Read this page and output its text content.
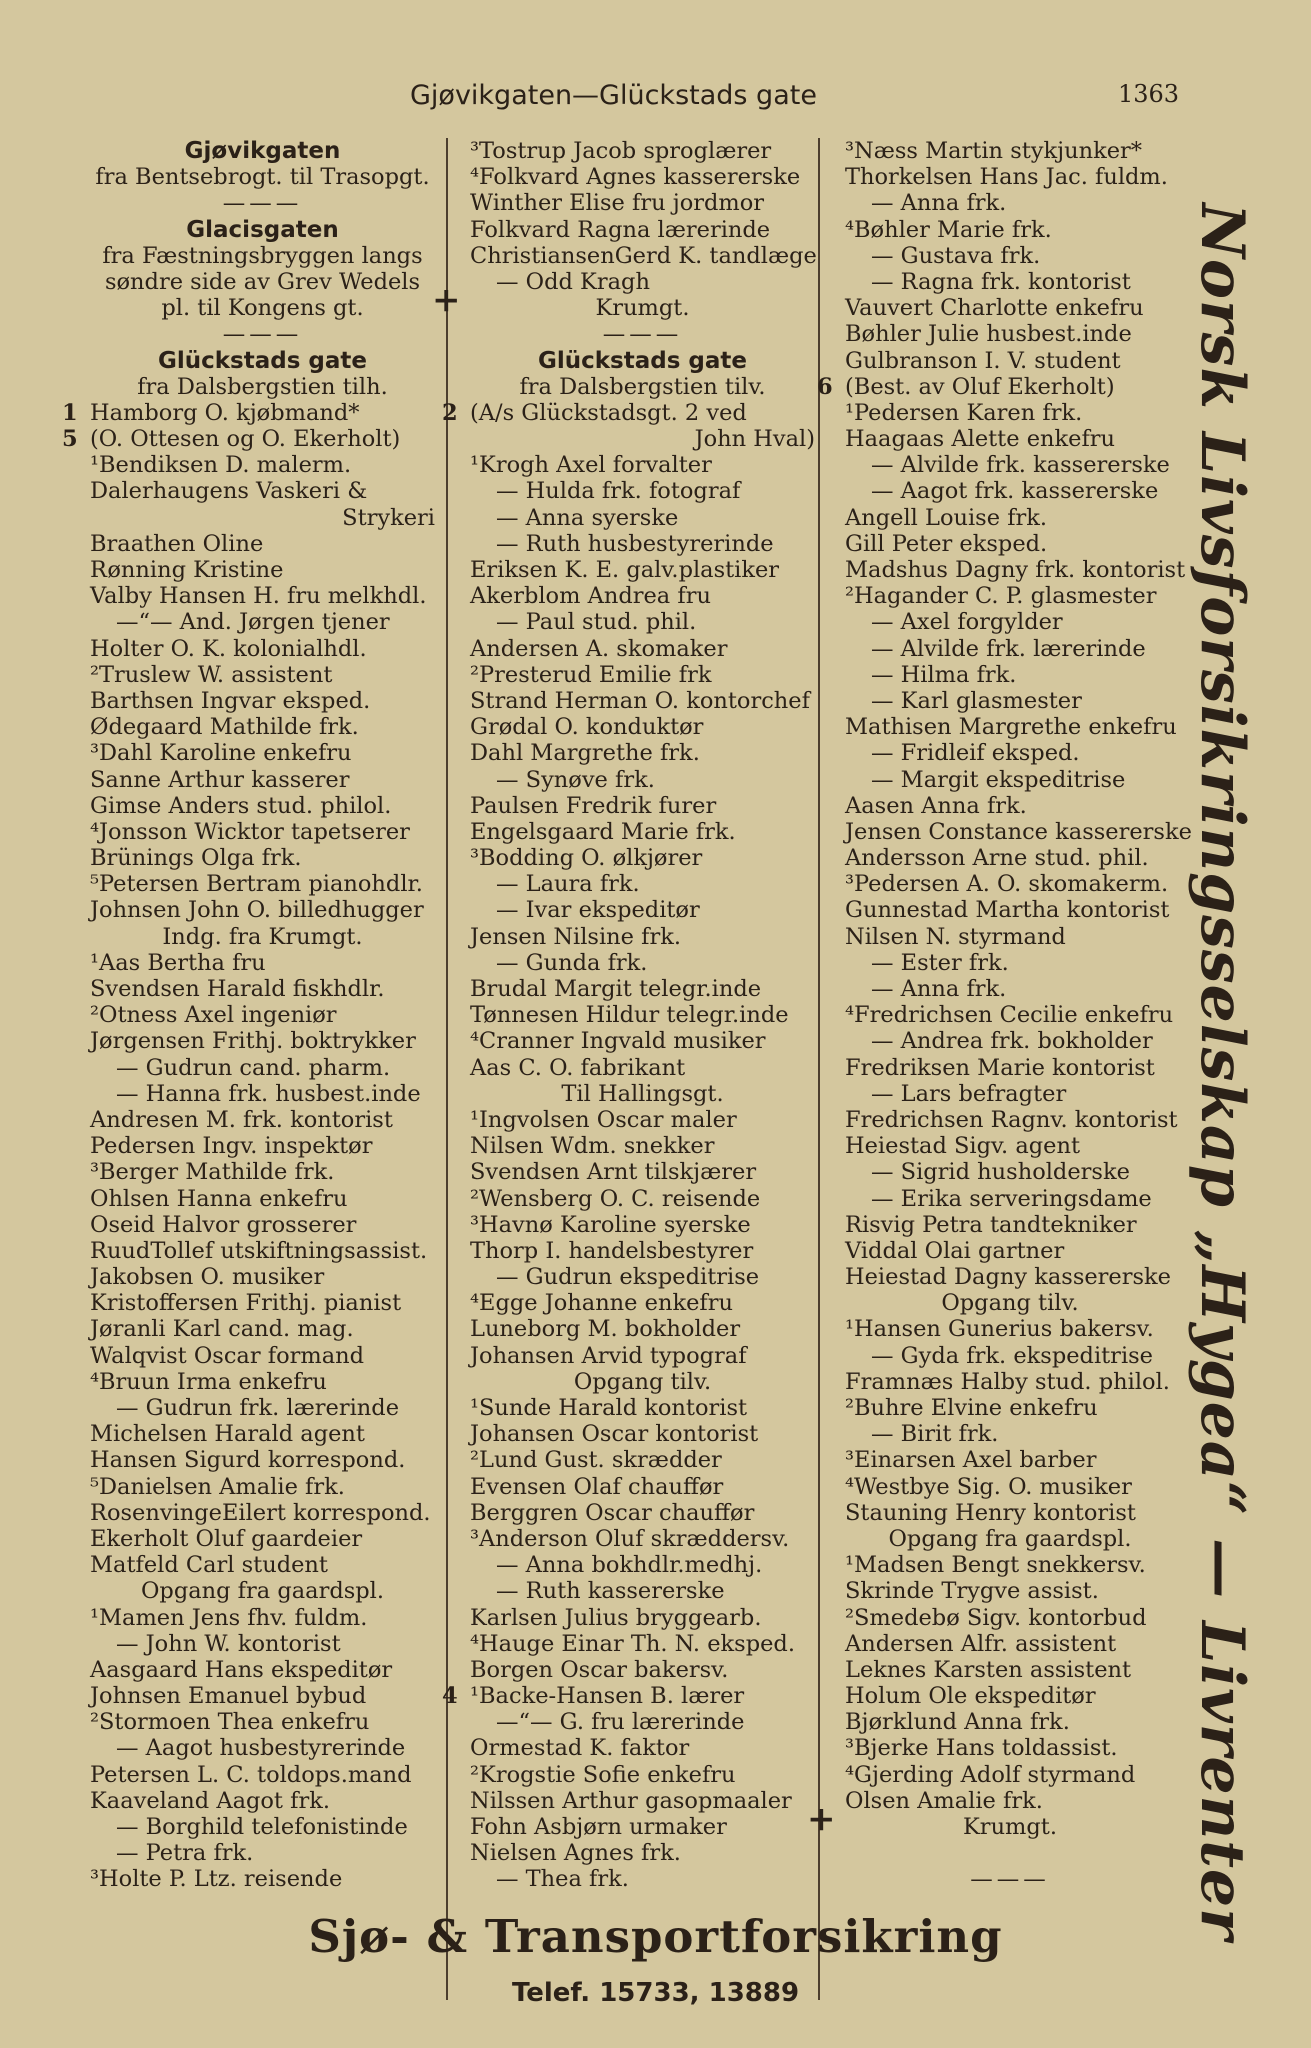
Gjøvikgaten—Glückstads gate	1363
Gjøvikgaten
fra Bentsebrogt. til Trasopgt.
———
Glacisgaten
fra Fæstningsbryggen langs
søndre side av Grev Wedels
pl. til Kongens gt.
———
Glückstads gate
fra Dalsbergstien tilh.
1 Hamborg O. kjøbmand*
5 (O. Ottesen og O. Ekerholt)
¹Bendiksen D. malerm.
Dalerhaugens Vaskeri &
Strykeri
Braathen Oline
Rønning Kristine
Valby Hansen H. fru melkhdl.
—“— And. Jørgen tjener
Holter O. K. kolonialhdl.
²Truslew W. assistent
Barthsen Ingvar eksped.
Ødegaard Mathilde frk.
³Dahl Karoline enkefru
Sanne Arthur kasserer
Gimse Anders stud. philol.
⁴Jonsson Wicktor tapetserer
Brünings Olga frk.
⁵Petersen Bertram pianohdlr.
Johnsen John O. billedhugger
Indg. fra Krumgt.
¹Aas Bertha fru
Svendsen Harald fiskhdlr.
²Otness Axel ingeniør
Jørgensen Frithj. boktrykker
— Gudrun cand. pharm.
— Hanna frk. husbest.inde
Andresen M. frk. kontorist
Pedersen Ingv. inspektør
³Berger Mathilde frk.
Ohlsen Hanna enkefru
Oseid Halvor grosserer
RuudTollef utskiftningsassist.
Jakobsen O. musiker
Kristoffersen Frithj. pianist
Jøranli Karl cand. mag.
Walqvist Oscar formand
⁴Bruun Irma enkefru
— Gudrun frk. lærerinde
Michelsen Harald agent
Hansen Sigurd korrespond.
⁵Danielsen Amalie frk.
RosenvingeEilert korrespond.
Ekerholt Oluf gaardeier
Matfeld Carl student
Opgang fra gaardspl.
¹Mamen Jens fhv. fuldm.
— John W. kontorist
Aasgaard Hans ekspeditør
Johnsen Emanuel bybud
²Stormoen Thea enkefru
— Aagot husbestyrerinde
Petersen L. C. toldops.mand
Kaaveland Aagot frk.
— Borghild telefonistinde
— Petra frk.
³Holte P. Ltz. reisende
³Tostrup Jacob sproglærer
⁴Folkvard Agnes kassererske
Winther Elise fru jordmor
Folkvard Ragna lærerinde
ChristiansenGerd K. tandlæge
— Odd Kragh
+	Krumgt.
———
Glückstads gate
fra Dalsbergstien tilv.
2 (A/s Glückstadsgt. 2 ved
John Hval)
¹Krogh Axel forvalter
— Hulda frk. fotograf
— Anna syerske
— Ruth husbestyrerinde
Eriksen K. E. galv.plastiker
Akerblom Andrea fru
— Paul stud. phil.
Andersen A. skomaker
²Presterud Emilie frk
Strand Herman O. kontorchef
Grødal O. konduktør
Dahl Margrethe frk.
— Synøve frk.
Paulsen Fredrik furer
Engelsgaard Marie frk.
³Bodding O. ølkjører
— Laura frk.
— Ivar ekspeditør
Jensen Nilsine frk.
— Gunda frk.
Brudal Margit telegr.inde
Tønnesen Hildur telegr.inde
⁴Cranner Ingvald musiker
Aas C. O. fabrikant
Til Hallingsgt.
¹Ingvolsen Oscar maler
Nilsen Wdm. snekker
Svendsen Arnt tilskjærer
²Wensberg O. C. reisende
³Havnø Karoline syerske
Thorp I. handelsbestyrer
— Gudrun ekspeditrise
⁴Egge Johanne enkefru
Luneborg M. bokholder
Johansen Arvid typograf
Opgang tilv.
¹Sunde Harald kontorist
Johansen Oscar kontorist
²Lund Gust. skrædder
Evensen Olaf chauffør
Berggren Oscar chauffør
³Anderson Oluf skræddersv.
— Anna bokhdlr.medhj.
— Ruth kassererske
Karlsen Julius bryggearb.
⁴Hauge Einar Th. N. eksped.
Borgen Oscar bakersv.
4 ¹Backe-Hansen B. lærer
—“— G. fru lærerinde
Ormestad K. faktor
²Krogstie Sofie enkefru
Nilssen Arthur gasopmaaler
Fohn Asbjørn urmaker
Nielsen Agnes frk.
— Thea frk.
³Næss Martin stykjunker*
Thorkelsen Hans Jac. fuldm.
— Anna frk.
⁴Bøhler Marie frk.
— Gustava frk.
— Ragna frk. kontorist
Vauvert Charlotte enkefru
Bøhler Julie husbest.inde
Gulbranson I. V. student
6 (Best. av Oluf Ekerholt)
¹Pedersen Karen frk.
Haagaas Alette enkefru
— Alvilde frk. kassererske
— Aagot frk. kassererske
Angell Louise frk.
Gill Peter eksped.
Madshus Dagny frk. kontorist
²Hagander C. P. glasmester
— Axel forgylder
— Alvilde frk. lærerinde
— Hilma frk.
— Karl glasmester
Mathisen Margrethe enkefru
— Fridleif eksped.
— Margit ekspeditrise
Aasen Anna frk.
Jensen Constance kassererske
Andersson Arne stud. phil.
³Pedersen A. O. skomakerm.
Gunnestad Martha kontorist
Nilsen N. styrmand
— Ester frk.
— Anna frk.
⁴Fredrichsen Cecilie enkefru
— Andrea frk. bokholder
Fredriksen Marie kontorist
— Lars befragter
Fredrichsen Ragnv. kontorist
Heiestad Sigv. agent
— Sigrid husholderske
— Erika serveringsdame
Risvig Petra tandtekniker
Viddal Olai gartner
Heiestad Dagny kassererske
Opgang tilv.
¹Hansen Gunerius bakersv.
— Gyda frk. ekspeditrise
Framnæs Halby stud. philol.
²Buhre Elvine enkefru
— Birit frk.
³Einarsen Axel barber
⁴Westbye Sig. O. musiker
Stauning Henry kontorist
Opgang fra gaardspl.
¹Madsen Bengt snekkersv.
Skrinde Trygve assist.
²Smedebø Sigv. kontorbud
Andersen Alfr. assistent
Leknes Karsten assistent
Holum Ole ekspeditør
Bjørklund Anna frk.
³Bjerke Hans toldassist.
⁴Gjerding Adolf styrmand
Olsen Amalie frk.
+	Krumgt.
———	Norsk Livsforsikringsselskap „Hygea“ — Livrenter
Sjø- & Transportforsikring
Telef. 15733, 13889
